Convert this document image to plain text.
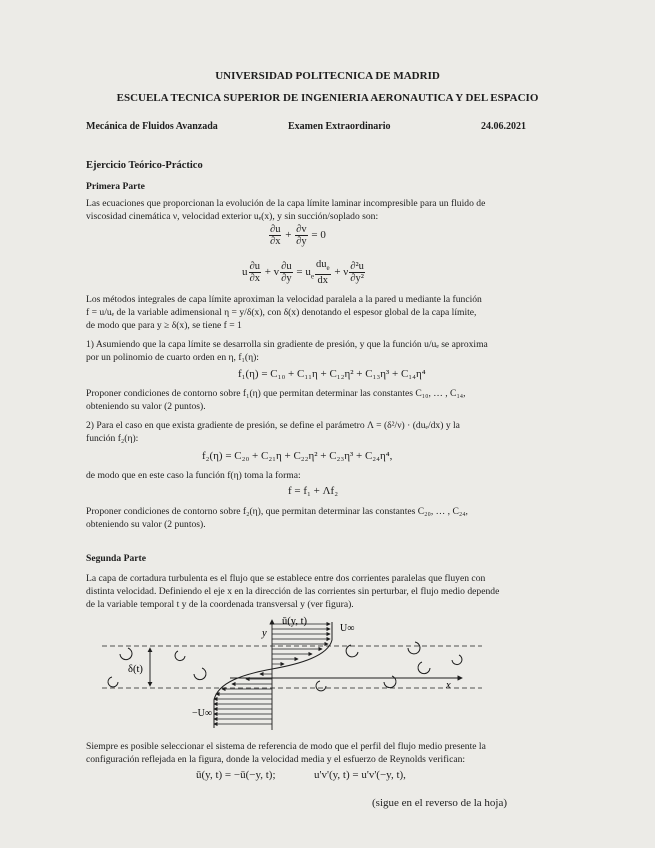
UNIVERSIDAD POLITECNICA DE MADRID
ESCUELA TECNICA SUPERIOR DE INGENIERIA AERONAUTICA Y DEL ESPACIO
Mecánica de Fluidos Avanzada	Examen Extraordinario	24.06.2021
Ejercicio Teórico-Práctico
Primera Parte
Las ecuaciones que proporcionan la evolución de la capa límite laminar incompresible para un fluido de
viscosidad cinemática ν, velocidad exterior uₑ(x), y sin succión/soplado son:
$\frac{\partial u}{\partial x} + \frac{\partial v}{\partial y} = 0$
u $\frac{\partial u}{\partial x} + v \frac{\partial u}{\partial y} = u_e \frac{du_e}{dx} + \nu \frac{\text{∂²u}}{\text{∂y²}}$
Los métodos integrales de capa límite aproximan la velocidad paralela a la pared u mediante la función
f = u/uₑ de la variable adimensional η = y/δ(x), con δ(x) denotando el espesor global de la capa límite,
de modo que para y ≥ δ(x), se tiene f = 1
1) Asumiendo que la capa límite se desarrolla sin gradiente de presión, y que la función u/uₑ se aproxima
por un polinomio de cuarto orden en η, f₁(η):
f₁(η) = C₁₀ + C₁₁η + C₁₂η² + C₁₃η³ + C₁₄η⁴
Proponer condiciones de contorno sobre f₁(η) que permitan determinar las constantes C₁₀, … , C₁₄,
obteniendo su valor (2 puntos).
2) Para el caso en que exista gradiente de presión, se define el parámetro Λ = (δ²/ν) · (duₑ/dx) y la
función f₂(η):
f₂(η) = C₂₀ + C₂₁η + C₂₂η² + C₂₃η³ + C₂₄η⁴,
de modo que en este caso la función f(η) toma la forma:
f = f₁ + Λf₂
Proponer condiciones de contorno sobre f₂(η), que permitan determinar las constantes C₂₀, … , C₂₄,
obteniendo su valor (2 puntos).
Segunda Parte
La capa de cortadura turbulenta es el flujo que se establece entre dos corrientes paralelas que fluyen con
distinta velocidad. Definiendo el eje x en la dirección de las corrientes sin perturbar, el flujo medio depende
de la variable temporal t y de la coordenada transversal y (ver figura).
ū(y, t)
y	U∞
δ(t)
x
−U∞
Siempre es posible seleccionar el sistema de referencia de modo que el perfil del flujo medio presente la
configuración reflejada en la figura, donde la velocidad media y el esfuerzo de Reynolds verifican:
ū(y, t) = −ū(−y, t);	u'v'(y, t) = u'v'(−y, t),
(sigue en el reverso de la hoja)
